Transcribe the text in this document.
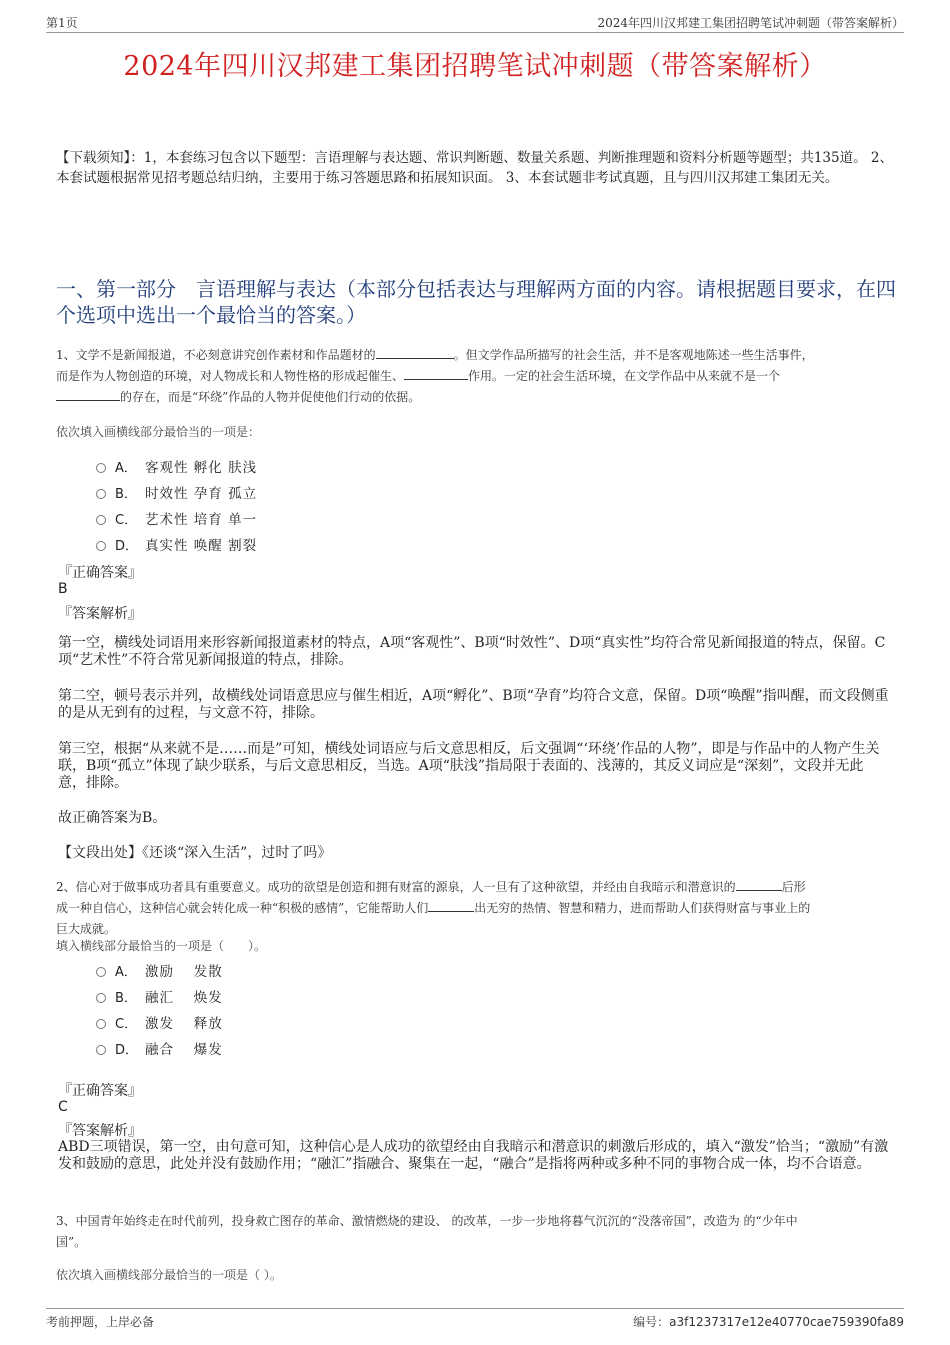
第1页	2024年四川汉邦建工集团招聘笔试冲刺题（带答案解析）
2024年四川汉邦建工集团招聘笔试冲刺题（带答案解析）
【下载须知】：1，本套练习包含以下题型：言语理解与表达题、常识判断题、数量关系题、判断推理题和资料分析题等题型；共135道。 2、本套试题根据常见招考题总结归纳，主要用于练习答题思路和拓展知识面。 3、本套试题非考试真题，且与四川汉邦建工集团无关。
一、第一部分　言语理解与表达（本部分包括表达与理解两方面的内容。请根据题目要求，在四个选项中选出一个最恰当的答案。）
1、文学不是新闻报道，不必刻意讲究创作素材和作品题材的	。但文学作品所描写的社会生活，并不是客观地陈述一些生活事件，
而是作为人物创造的环境，对人物成长和人物性格的形成起催生、	作用。一定的社会生活环境，在文学作品中从来就不是一个
的存在，而是“环绕”作品的人物并促使他们行动的依据。
依次填入画横线部分最恰当的一项是：
A． 客观性 孵化 肤浅
B． 时效性 孕育 孤立
C． 艺术性 培育 单一
D． 真实性 唤醒 割裂
『正确答案』
B
『答案解析』
第一空，横线处词语用来形容新闻报道素材的特点，A项“客观性”、B项“时效性”、D项“真实性”均符合常见新闻报道的特点，保留。C项“艺术性”不符合常见新闻报道的特点，排除。
第二空，顿号表示并列，故横线处词语意思应与催生相近，A项“孵化”、B项“孕育”均符合文意，保留。D项“唤醒”指叫醒，而文段侧重的是从无到有的过程，与文意不符，排除。
第三空，根据“从来就不是……而是”可知，横线处词语应与后文意思相反，后文强调“‘环绕’作品的人物”，即是与作品中的人物产生关联，B项“孤立”体现了缺少联系，与后文意思相反，当选。A项“肤浅”指局限于表面的、浅薄的，其反义词应是“深刻”，文段并无此意，排除。
故正确答案为B。
【文段出处】《还谈“深入生活”，过时了吗》
2、信心对于做事成功者具有重要意义。成功的欲望是创造和拥有财富的源泉，人一旦有了这种欲望，并经由自我暗示和潜意识的	后形
成一种自信心，这种信心就会转化成一种“积极的感情”，它能帮助人们	出无穷的热情、智慧和精力，进而帮助人们获得财富与事业上的
巨大成就。
填入横线部分最恰当的一项是（　　）。
A． 激励　 发散
B． 融汇　 焕发
C． 激发　 释放
D． 融合　 爆发
『正确答案』
C
『答案解析』
ABD三项错误，第一空，由句意可知，这种信心是人成功的欲望经由自我暗示和潜意识的刺激后形成的，填入“激发”恰当；“激励”有激发和鼓励的意思，此处并没有鼓励作用；“融汇”指融合、聚集在一起，“融合”是指将两种或多种不同的事物合成一体，均不合语意。
3、中国青年始终走在时代前列，投身救亡图存的革命、激情燃烧的建设、 的改革，一步一步地将暮气沉沉的“没落帝国”，改造为 的“少年中
国”。
依次填入画横线部分最恰当的一项是（ ）。
考前押题，上岸必备	编号：a3f1237317e12e40770cae759390fa89
